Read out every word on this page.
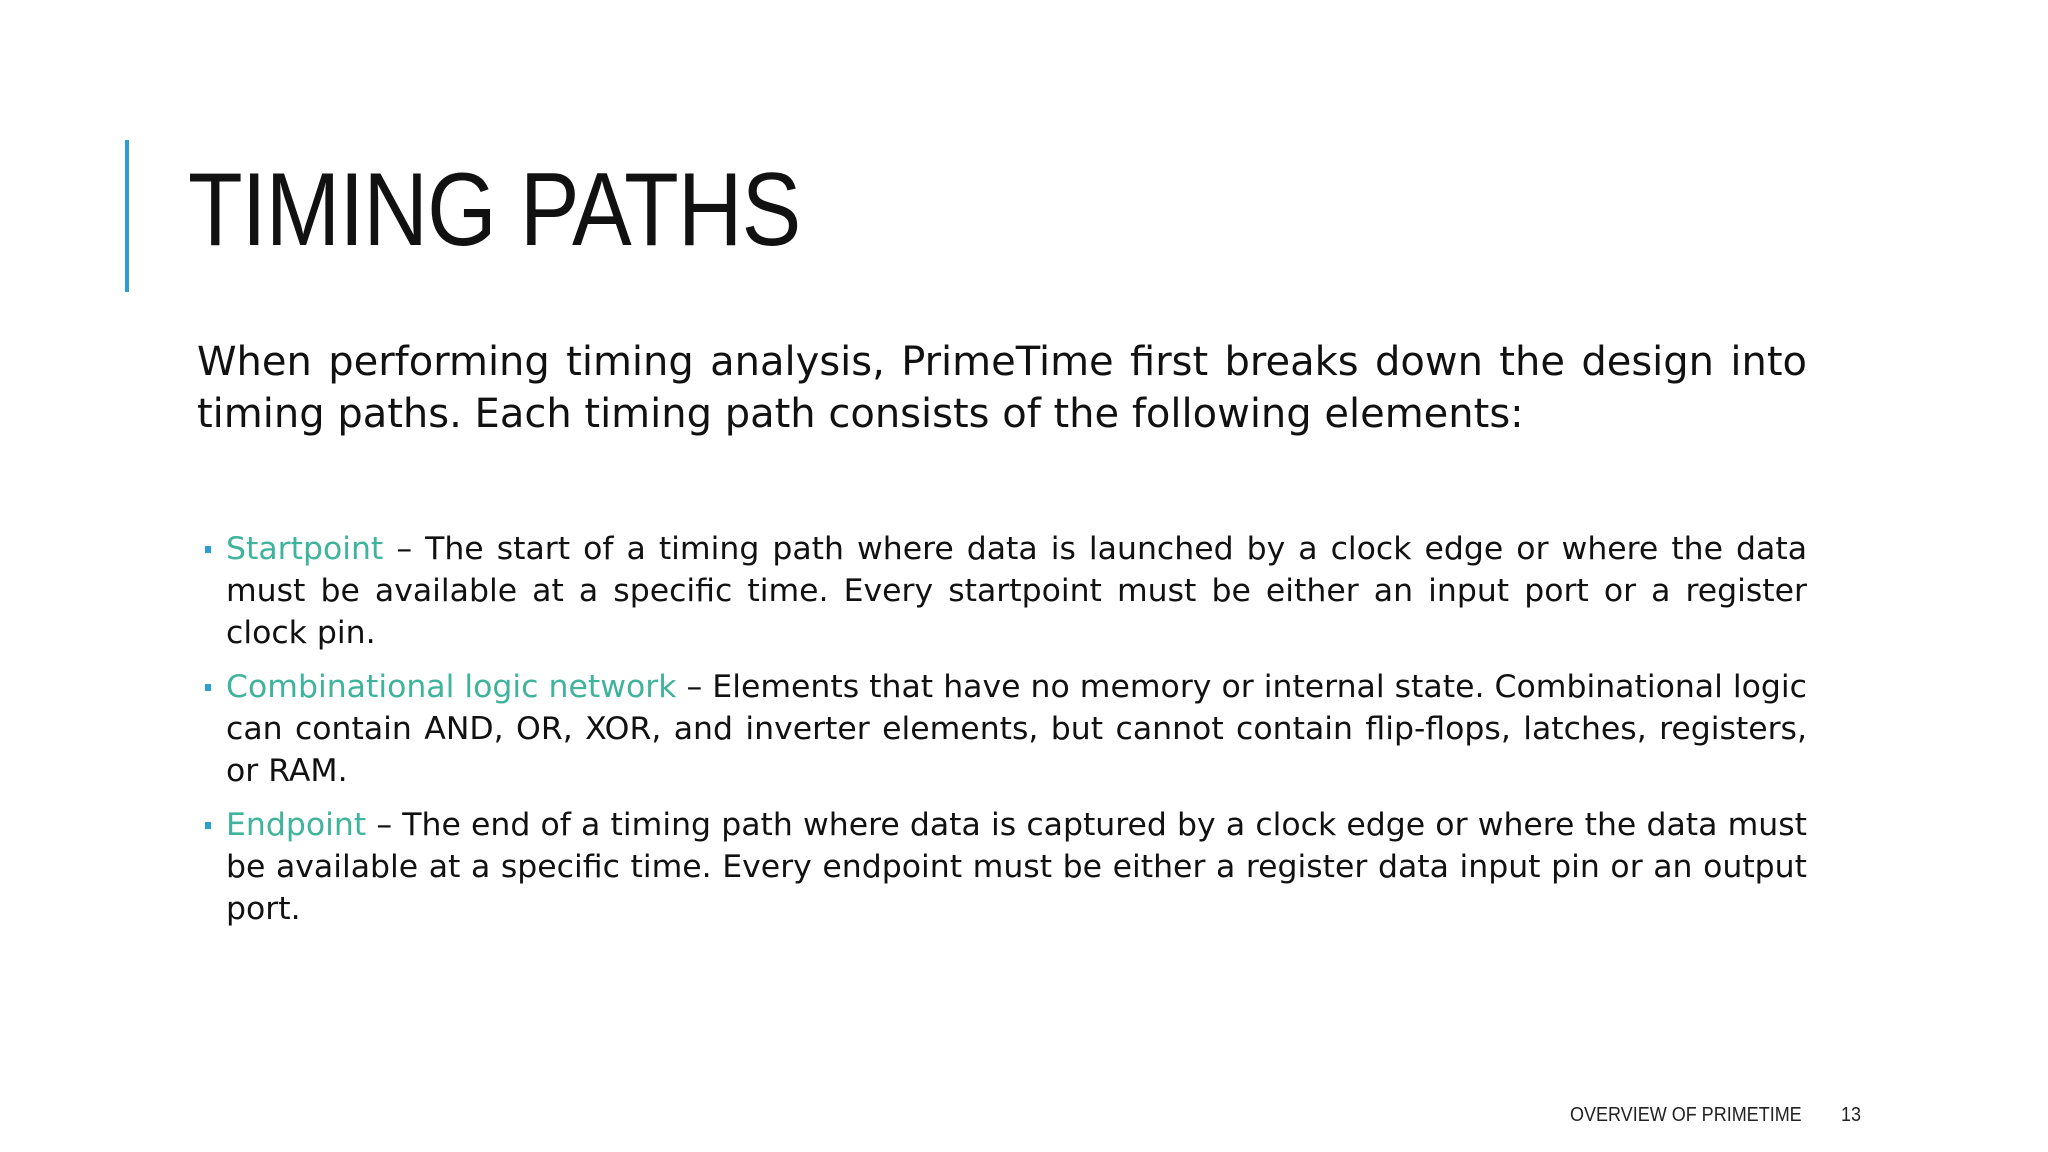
TIMING PATHS

When performing timing analysis, PrimeTime first breaks down the design into timing paths. Each timing path consists of the following elements:

Startpoint – The start of a timing path where data is launched by a clock edge or where the data must be available at a specific time. Every startpoint must be either an input port or a register clock pin.
Combinational logic network – Elements that have no memory or internal state. Combinational logic can contain AND, OR, XOR, and inverter elements, but cannot contain flip-flops, latches, registers, or RAM.
Endpoint – The end of a timing path where data is captured by a clock edge or where the data must be available at a specific time. Every endpoint must be either a register data input pin or an output port.
OVERVIEW OF PRIMETIME 13
